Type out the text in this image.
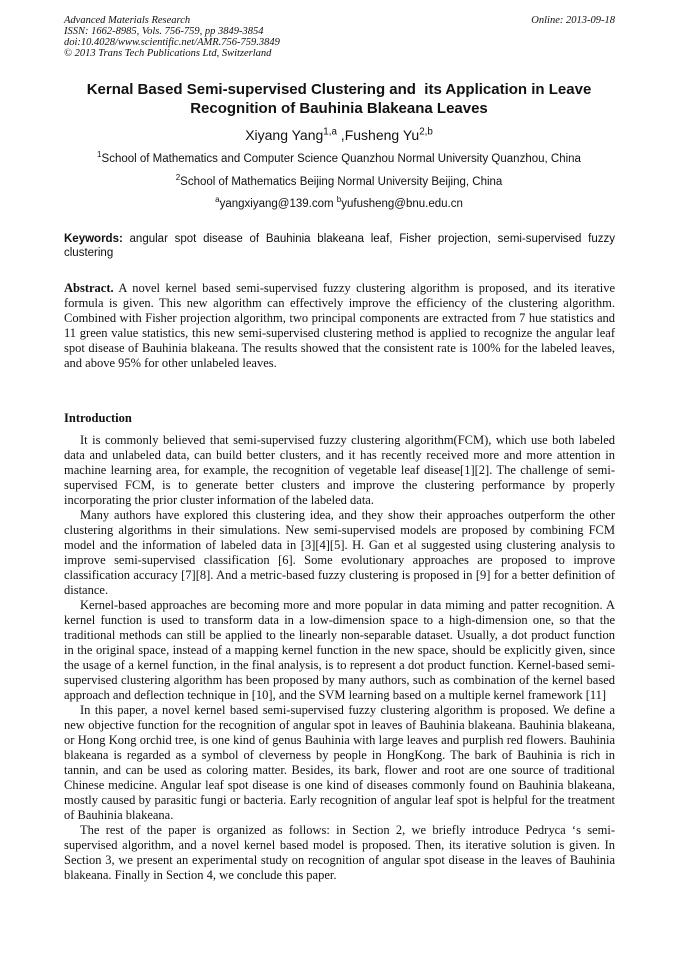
Advanced Materials Research
ISSN: 1662-8985, Vols. 756-759, pp 3849-3854
doi:10.4028/www.scientific.net/AMR.756-759.3849
© 2013 Trans Tech Publications Ltd, Switzerland
Online: 2013-09-18
Kernal Based Semi-supervised Clustering and  its Application in Leave
Recognition of Bauhinia Blakeana Leaves
Xiyang Yang$^{1,a}$ ,Fusheng Yu$^{2,b}$
$^1$School of Mathematics and Computer Science Quanzhou Normal University Quanzhou, China
$^2$School of Mathematics Beijing Normal University Beijing, China
$^a$yangxiyang@139.com $^b$yufusheng@bnu.edu.cn
Keywords: angular spot disease of Bauhinia blakeana leaf, Fisher projection, semi-supervised fuzzy clustering

Abstract. A novel kernel based semi-supervised fuzzy clustering algorithm is proposed, and its iterative formula is given. This new algorithm can effectively improve the efficiency of the clustering algorithm. Combined with Fisher projection algorithm, two principal components are extracted from 7 hue statistics and 11 green value statistics, this new semi-supervised clustering method is applied to recognize the angular leaf spot disease of Bauhinia blakeana. The results showed that the consistent rate is 100% for the labeled leaves, and above 95% for other unlabeled leaves.

Introduction

It is commonly believed that semi-supervised fuzzy clustering algorithm(FCM), which use both labeled data and unlabeled data, can build better clusters, and it has recently received more and more attention in machine learning area, for example, the recognition of vegetable leaf disease[1][2]. The challenge of semi-supervised FCM, is to generate better clusters and improve the clustering performance by properly incorporating the prior cluster information of the labeled data.

Many authors have explored this clustering idea, and they show their approaches outperform the other clustering algorithms in their simulations. New semi-supervised models are proposed by combining FCM model and the information of labeled data in [3][4][5]. H. Gan et al suggested using clustering analysis to improve semi-supervised classification [6]. Some evolutionary approaches are proposed to improve classification accuracy [7][8]. And a metric-based fuzzy clustering is proposed in [9] for a better definition of distance.

Kernel-based approaches are becoming more and more popular in data miming and patter recognition. A kernel function is used to transform data in a low-dimension space to a high-dimension one, so that the traditional methods can still be applied to the linearly non-separable dataset. Usually, a dot product function in the original space, instead of a mapping kernel function in the new space, should be explicitly given, since the usage of a kernel function, in the final analysis, is to represent a dot product function. Kernel-based semi-supervised clustering algorithm has been proposed by many authors, such as combination of the kernel based approach and deflection technique in [10], and the SVM learning based on a multiple kernel framework [11]

In this paper, a novel kernel based semi-supervised fuzzy clustering algorithm is proposed. We define a new objective function for the recognition of angular spot in leaves of Bauhinia blakeana. Bauhinia blakeana, or Hong Kong orchid tree, is one kind of genus Bauhinia with large leaves and purplish red flowers. Bauhinia blakeana is regarded as a symbol of cleverness by people in HongKong. The bark of Bauhinia is rich in tannin, and can be used as coloring matter. Besides, its bark, flower and root are one source of traditional Chinese medicine. Angular leaf spot disease is one kind of diseases commonly found on Bauhinia blakeana, mostly caused by parasitic fungi or bacteria. Early recognition of angular leaf spot is helpful for the treatment of Bauhinia blakeana.

The rest of the paper is organized as follows: in Section 2, we briefly introduce Pedryca ‘s semi-supervised algorithm, and a novel kernel based model is proposed. Then, its iterative solution is given. In Section 3, we present an experimental study on recognition of angular spot disease in the leaves of Bauhinia blakeana. Finally in Section 4, we conclude this paper.
